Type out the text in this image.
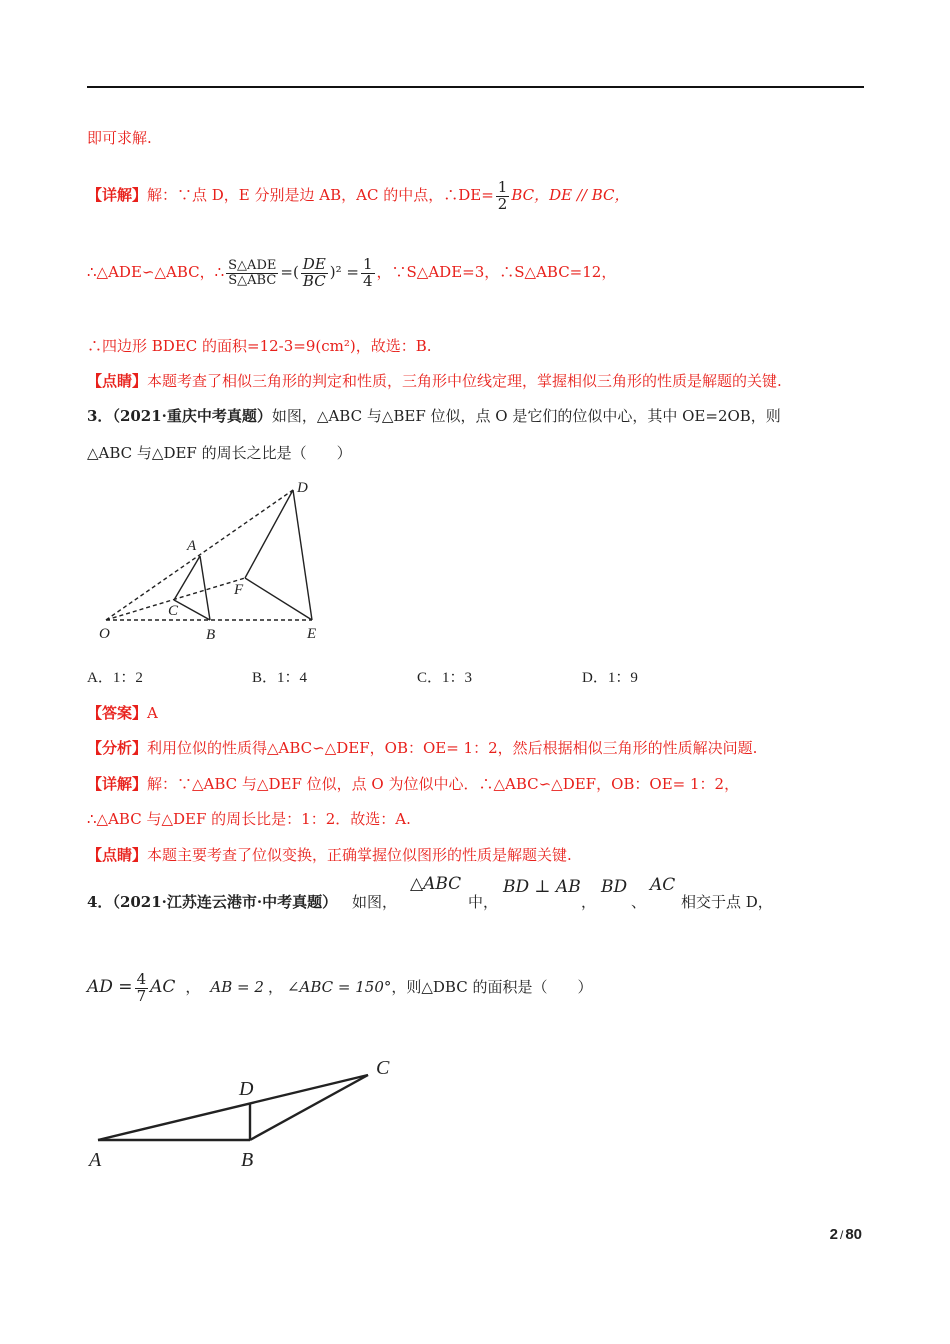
即可求解.
【详解】解：∵点 D，E 分别是边 AB，AC 的中点，∴DE= $\frac{1}{2}$ BC，DE // BC，
∴△ADE∽△ABC，∴ $\frac{\text{S△ADE}}{\text{S△ABC}}$ =( $\frac{DE}{BC} )^2 = \frac{1}{4}$ ，∵S△ADE=3，∴S△ABC=12，
∴四边形 BDEC 的面积=12-3=9(cm²)，故选：B.
【点睛】本题考查了相似三角形的判定和性质，三角形中位线定理，掌握相似三角形的性质是解题的关键.
3．（2021·重庆中考真题）如图，△ABC 与△BEF 位似，点 O 是它们的位似中心，其中 OE=2OB，则
△ABC 与△DEF 的周长之比是（　　）
D
A
F
C
O	B	E
A．1：2	B．1：4	C．1：3	D．1：9
【答案】A
【分析】利用位似的性质得△ABC∽△DEF，OB：OE= 1：2，然后根据相似三角形的性质解决问题.
【详解】解：∵△ABC 与△DEF 位似，点 O 为位似中心．∴△ABC∽△DEF，OB：OE= 1：2，
∴△ABC 与△DEF 的周长比是：1：2．故选：A.
【点睛】本题主要考查了位似变换，正确掌握位似图形的性质是解题关键.
4．（2021·江苏连云港市·中考真题） 如图，
△ABC
中，
BD ⊥ AB
，
BD
、
AC
相交于点 D，
AD = $\frac{4}{7}$ AC ， AB = 2 ， ∠ABC = 150°，则△DBC 的面积是（　　）
C
D
A	B
2 / 80
